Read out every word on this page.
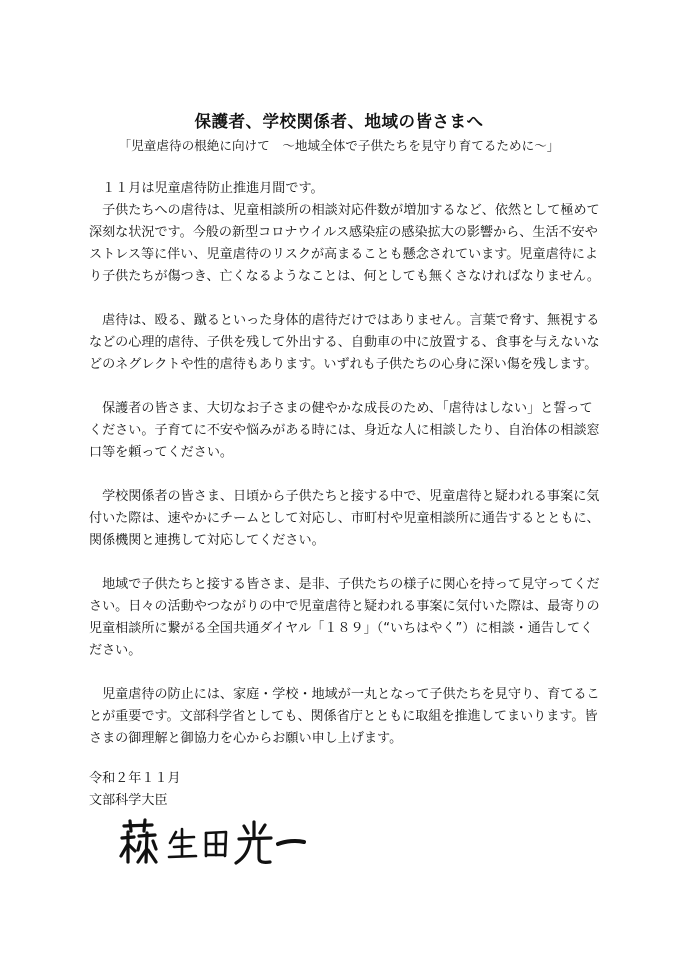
保護者、学校関係者、地域の皆さまへ
「児童虐待の根絶に向けて　～地域全体で子供たちを見守り育てるために～」

　１１月は児童虐待防止推進月間です。

　子供たちへの虐待は、児童相談所の相談対応件数が増加するなど、依然として極めて深刻な状況です。今般の新型コロナウイルス感染症の感染拡大の影響から、生活不安やストレス等に伴い、児童虐待のリスクが高まることも懸念されています。児童虐待により子供たちが傷つき、亡くなるようなことは、何としても無くさなければなりません。

　虐待は、殴る、蹴るといった身体的虐待だけではありません。言葉で脅す、無視するなどの心理的虐待、子供を残して外出する、自動車の中に放置する、食事を与えないなどのネグレクトや性的虐待もあります。いずれも子供たちの心身に深い傷を残します。

　保護者の皆さま、大切なお子さまの健やかな成長のため、「虐待はしない」と誓ってください。子育てに不安や悩みがある時には、身近な人に相談したり、自治体の相談窓口等を頼ってください。

　学校関係者の皆さま、日頃から子供たちと接する中で、児童虐待と疑われる事案に気付いた際は、速やかにチームとして対応し、市町村や児童相談所に通告するとともに、関係機関と連携して対応してください。

　地域で子供たちと接する皆さま、是非、子供たちの様子に関心を持って見守ってください。日々の活動やつながりの中で児童虐待と疑われる事案に気付いた際は、最寄りの児童相談所に繋がる全国共通ダイヤル「１８９」（“いちはやく”）に相談・通告してください。

　児童虐待の防止には、家庭・学校・地域が一丸となって子供たちを見守り、育てることが重要です。文部科学省としても、関係省庁とともに取組を推進してまいります。皆さまの御理解と御協力を心からお願い申し上げます。

令和２年１１月
文部科学大臣
